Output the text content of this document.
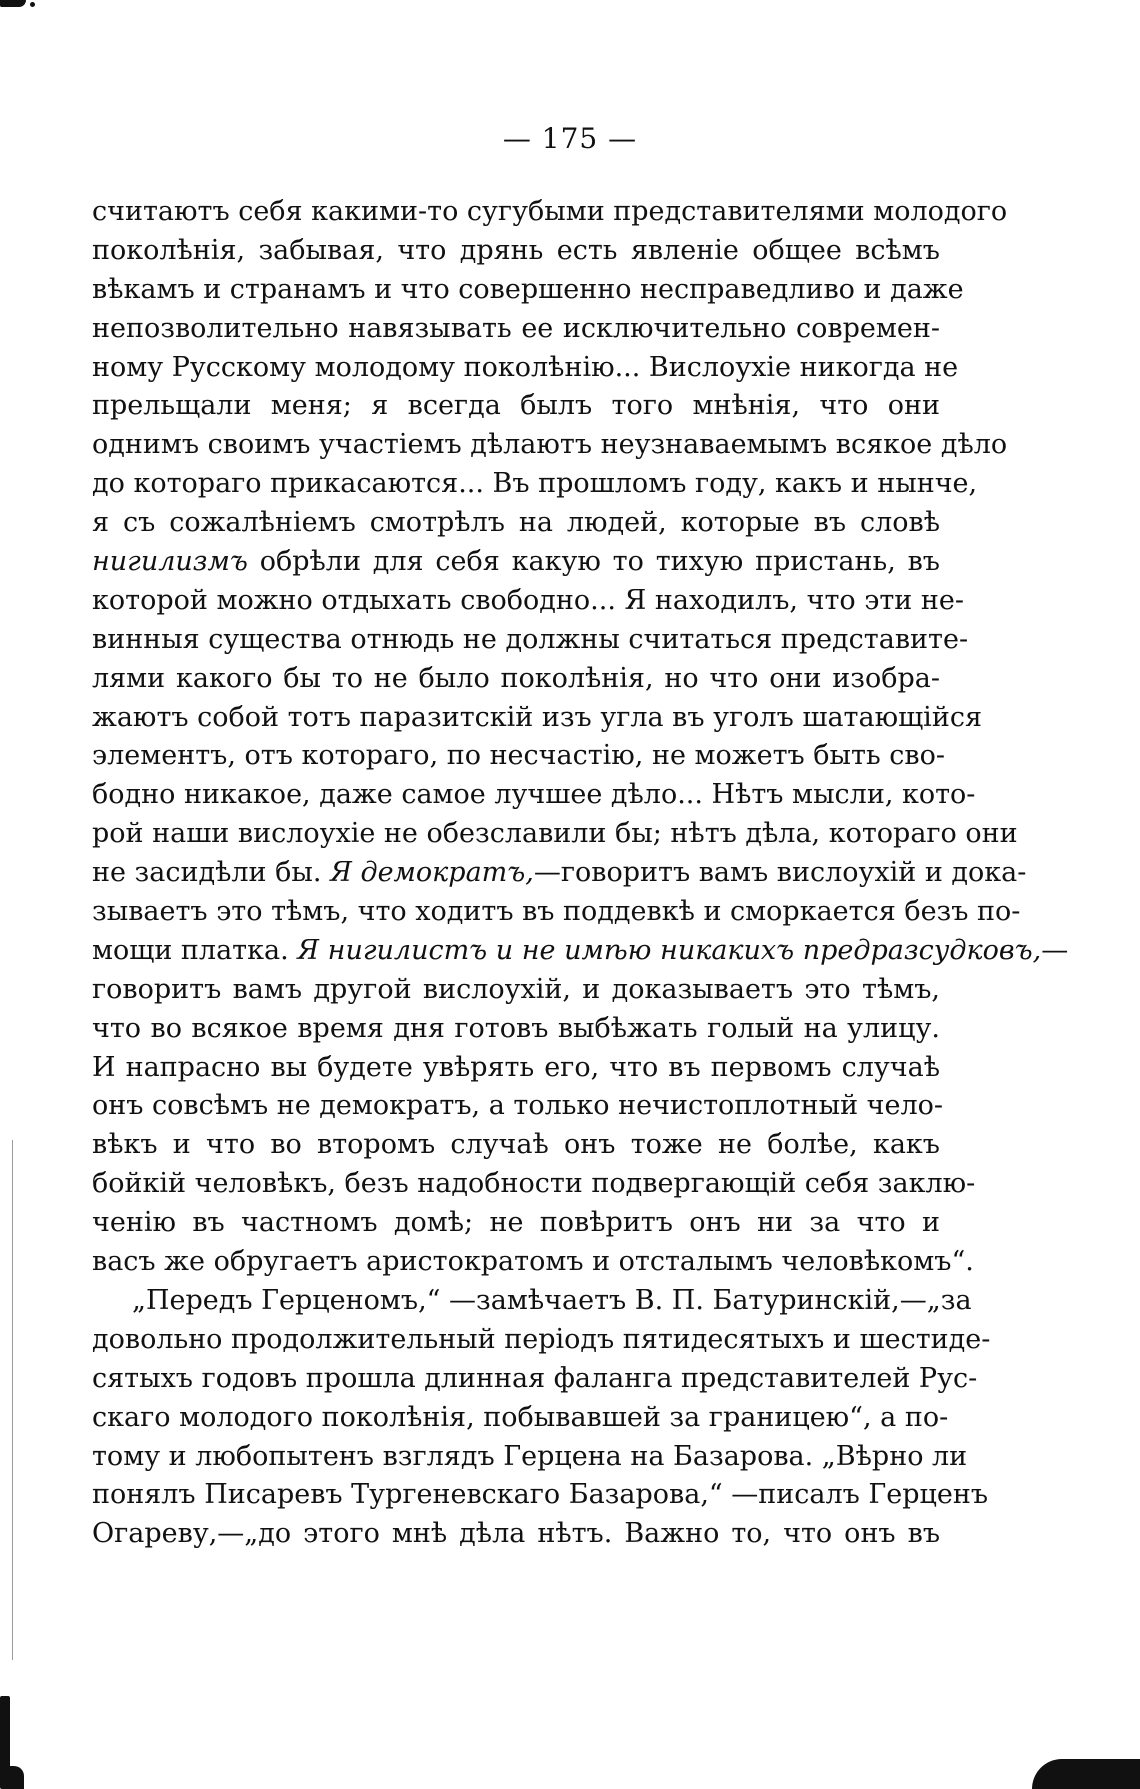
— 175 —
считаютъ себя какими-то сугубыми представителями молодого
поколѣнія, забывая, что дрянь есть явленіе общее всѣмъ
вѣкамъ и странамъ и что совершенно несправедливо и даже
непозволительно навязывать ее исключительно современ-
ному Русскому молодому поколѣнію... Вислоухіе никогда не
прельщали меня; я всегда былъ того мнѣнія, что они
однимъ своимъ участіемъ дѣлаютъ неузнаваемымъ всякое дѣло
до котораго прикасаются... Въ прошломъ году, какъ и нынче,
я съ сожалѣніемъ смотрѣлъ на людей, которые въ словѣ
нигилизмъ обрѣли для себя какую то тихую пристань, въ
которой можно отдыхать свободно... Я находилъ, что эти не-
винныя существа отнюдь не должны считаться представите-
лями какого бы то не было поколѣнія, но что они изобра-
жаютъ собой тотъ паразитскій изъ угла въ уголъ шатающійся
элементъ, отъ котораго, по несчастію, не можетъ быть сво-
бодно никакое, даже самое лучшее дѣло... Нѣтъ мысли, кото-
рой наши вислоухіе не обезславили бы; нѣтъ дѣла, котораго они
не засидѣли бы. Я демократъ,—говоритъ вамъ вислоухій и дока-
зываетъ это тѣмъ, что ходитъ въ поддевкѣ и сморкается безъ по-
мощи платка. Я нигилистъ и не имѣю никакихъ предразсудковъ,—
говоритъ вамъ другой вислоухій, и доказываетъ это тѣмъ,
что во всякое время дня готовъ выбѣжать голый на улицу.
И напрасно вы будете увѣрять его, что въ первомъ случаѣ
онъ совсѣмъ не демократъ, а только нечистоплотный чело-
вѣкъ и что во второмъ случаѣ онъ тоже не болѣе, какъ
бойкій человѣкъ, безъ надобности подвергающій себя заклю-
ченію въ частномъ домѣ; не повѣритъ онъ ни за что и
васъ же обругаетъ аристократомъ и отсталымъ человѣкомъ“.
„Передъ Герценомъ,“ —замѣчаетъ В. П. Батуринскій,—„за
довольно продолжительный періодъ пятидесятыхъ и шестиде-
сятыхъ годовъ прошла длинная фаланга представителей Рус-
скаго молодого поколѣнія, побывавшей за границею“, а по-
тому и любопытенъ взглядъ Герцена на Базарова. „Вѣрно ли
понялъ Писаревъ Тургеневскаго Базарова,“ —писалъ Герценъ
Огареву,—„до этого мнѣ дѣла нѣтъ. Важно то, что онъ въ
